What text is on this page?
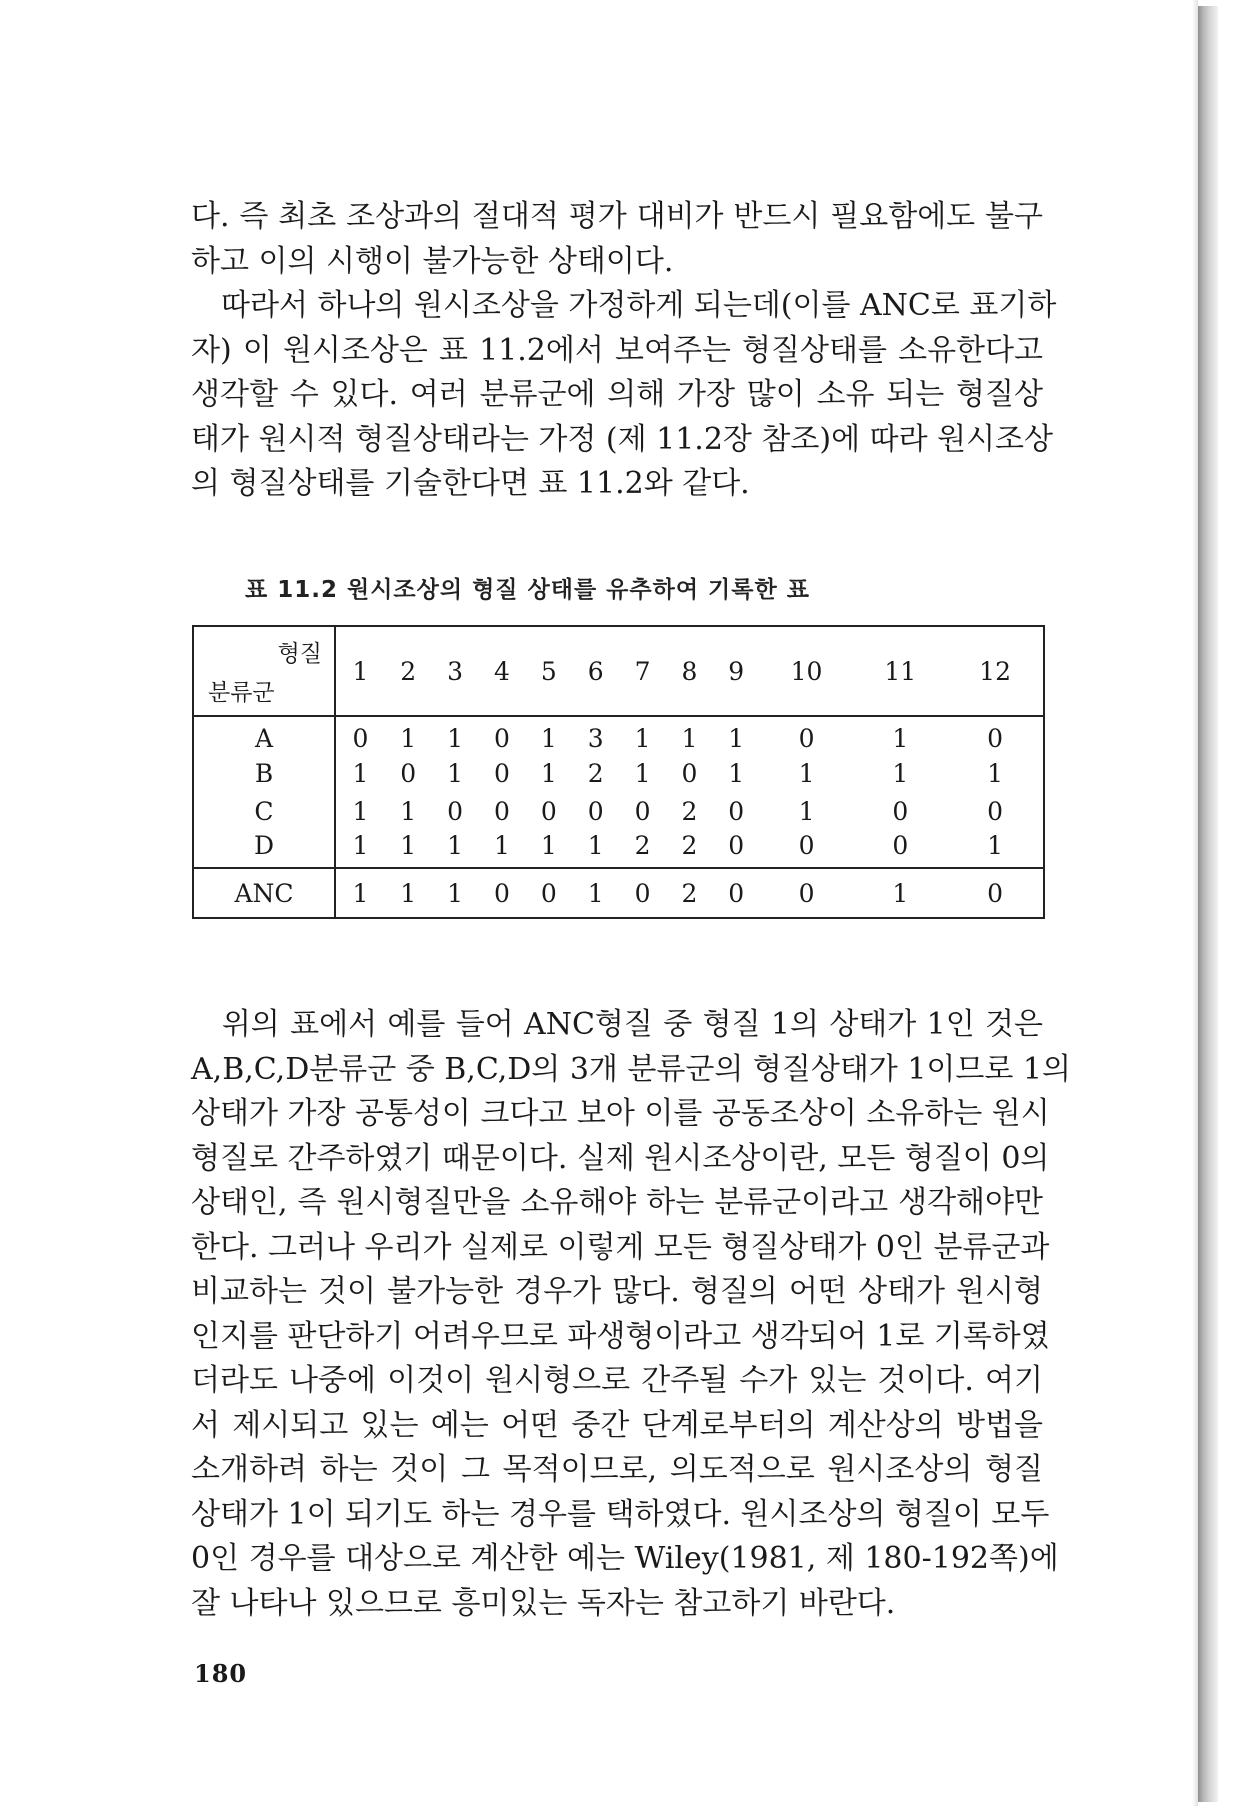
다. 즉 최초 조상과의 절대적 평가 대비가 반드시 필요함에도 불구
하고 이의 시행이 불가능한 상태이다.
　따라서 하나의 원시조상을 가정하게 되는데(이를 ANC로 표기하
자) 이 원시조상은 표 11.2에서 보여주는 형질상태를 소유한다고
생각할 수 있다. 여러 분류군에 의해 가장 많이 소유 되는 형질상
태가 원시적 형질상태라는 가정 (제 11.2장 참조)에 따라 원시조상
의 형질상태를 기술한다면 표 11.2와 같다.
표 11.2 원시조상의 형질 상태를 유추하여 기록한 표
형질
분류군	1	2	3	4	5	6	7	8	9	10	11	12
A	0	1	1	0	1	3	1	1	1	0	1	0
B	1	0	1	0	1	2	1	0	1	1	1	1
C	1	1	0	0	0	0	0	2	0	1	0	0
D	1	1	1	1	1	1	2	2	0	0	0	1
ANC	1	1	1	0	0	1	0	2	0	0	1	0
　위의 표에서 예를 들어 ANC형질 중 형질 1의 상태가 1인 것은
A,B,C,D분류군 중 B,C,D의 3개 분류군의 형질상태가 1이므로 1의
상태가 가장 공통성이 크다고 보아 이를 공동조상이 소유하는 원시
형질로 간주하였기 때문이다. 실제 원시조상이란, 모든 형질이 0의
상태인, 즉 원시형질만을 소유해야 하는 분류군이라고 생각해야만
한다. 그러나 우리가 실제로 이렇게 모든 형질상태가 0인 분류군과
비교하는 것이 불가능한 경우가 많다. 형질의 어떤 상태가 원시형
인지를 판단하기 어려우므로 파생형이라고 생각되어 1로 기록하였
더라도 나중에 이것이 원시형으로 간주될 수가 있는 것이다. 여기
서 제시되고 있는 예는 어떤 중간 단계로부터의 계산상의 방법을
소개하려 하는 것이 그 목적이므로, 의도적으로 원시조상의 형질
상태가 1이 되기도 하는 경우를 택하였다. 원시조상의 형질이 모두
0인 경우를 대상으로 계산한 예는 Wiley(1981, 제 180-192쪽)에
잘 나타나 있으므로 흥미있는 독자는 참고하기 바란다.
180
